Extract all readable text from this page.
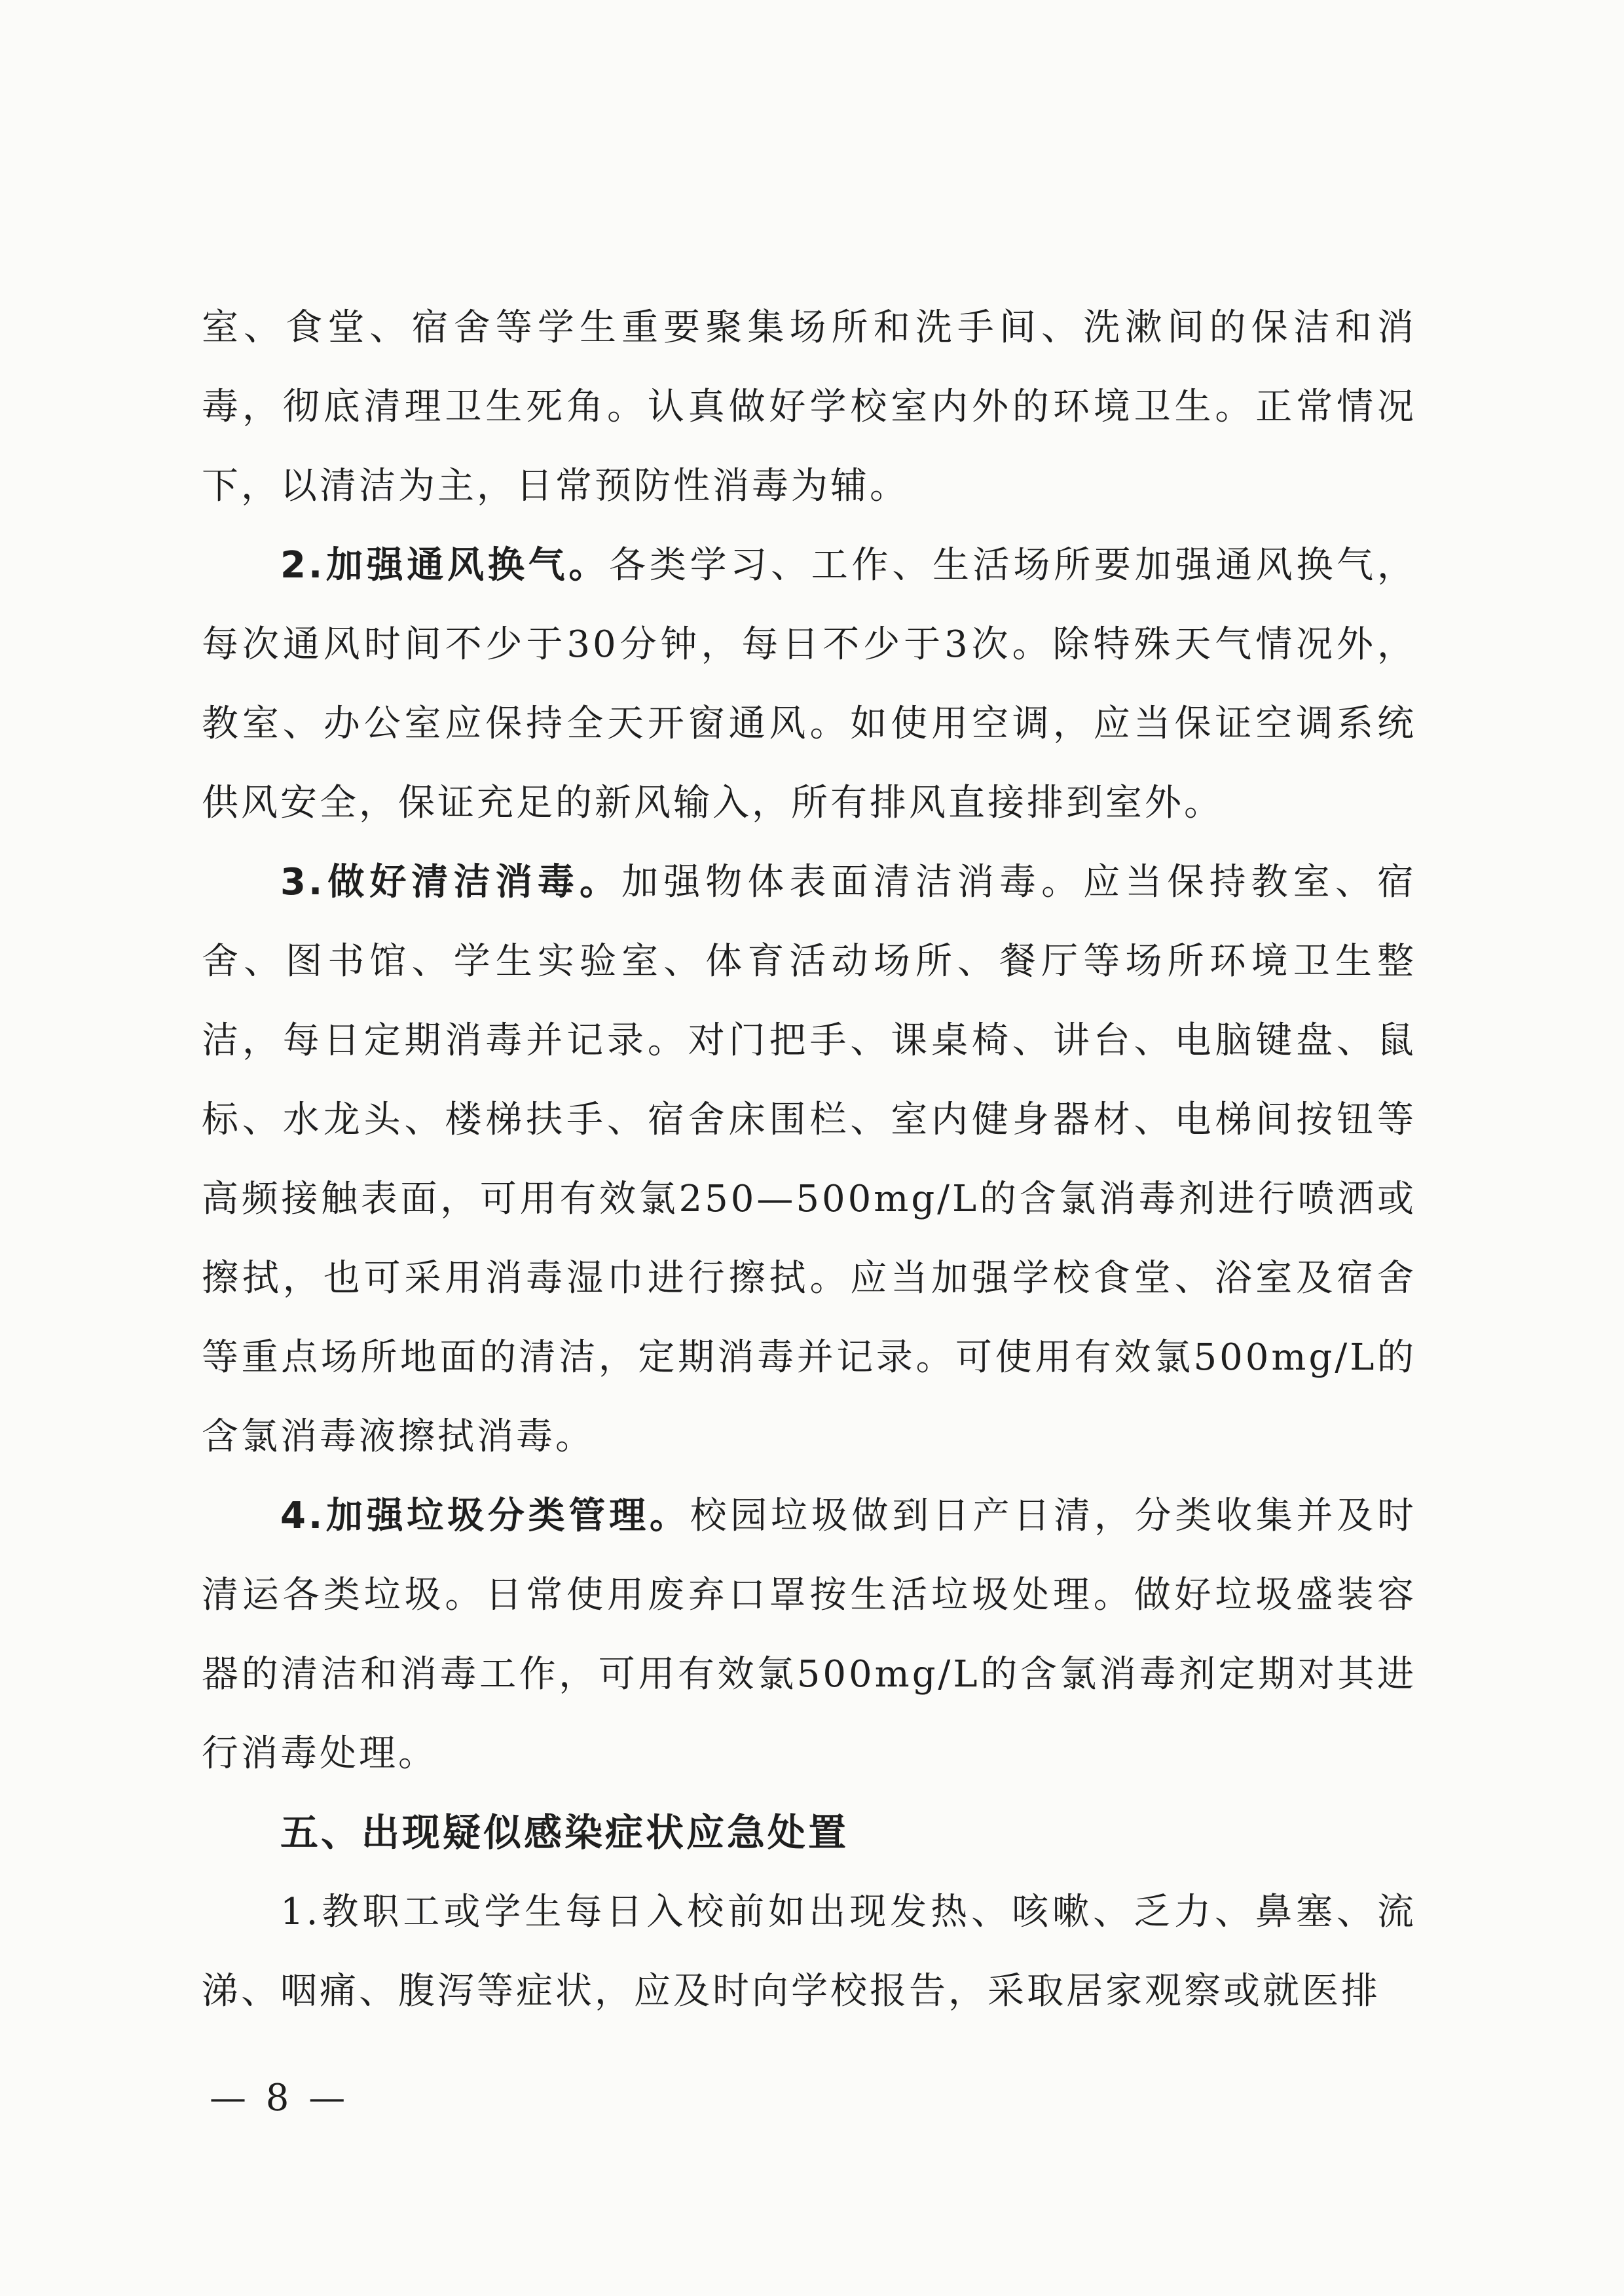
室、食堂、宿舍等学生重要聚集场所和洗手间、洗漱间的保洁和消毒，彻底清理卫生死角。认真做好学校室内外的环境卫生。正常情况下，以清洁为主，日常预防性消毒为辅。

2.加强通风换气。各类学习、工作、生活场所要加强通风换气，每次通风时间不少于30分钟，每日不少于3次。除特殊天气情况外，教室、办公室应保持全天开窗通风。如使用空调，应当保证空调系统供风安全，保证充足的新风输入，所有排风直接排到室外。

3.做好清洁消毒。加强物体表面清洁消毒。应当保持教室、宿舍、图书馆、学生实验室、体育活动场所、餐厅等场所环境卫生整洁，每日定期消毒并记录。对门把手、课桌椅、讲台、电脑键盘、鼠标、水龙头、楼梯扶手、宿舍床围栏、室内健身器材、电梯间按钮等高频接触表面，可用有效氯250—500mg/L的含氯消毒剂进行喷洒或擦拭，也可采用消毒湿巾进行擦拭。应当加强学校食堂、浴室及宿舍等重点场所地面的清洁，定期消毒并记录。可使用有效氯500mg/L的含氯消毒液擦拭消毒。

4.加强垃圾分类管理。校园垃圾做到日产日清，分类收集并及时清运各类垃圾。日常使用废弃口罩按生活垃圾处理。做好垃圾盛装容器的清洁和消毒工作，可用有效氯500mg/L的含氯消毒剂定期对其进行消毒处理。

五、出现疑似感染症状应急处置

1.教职工或学生每日入校前如出现发热、咳嗽、乏力、鼻塞、流涕、咽痛、腹泻等症状，应及时向学校报告，采取居家观察或就医排

— 8 —
